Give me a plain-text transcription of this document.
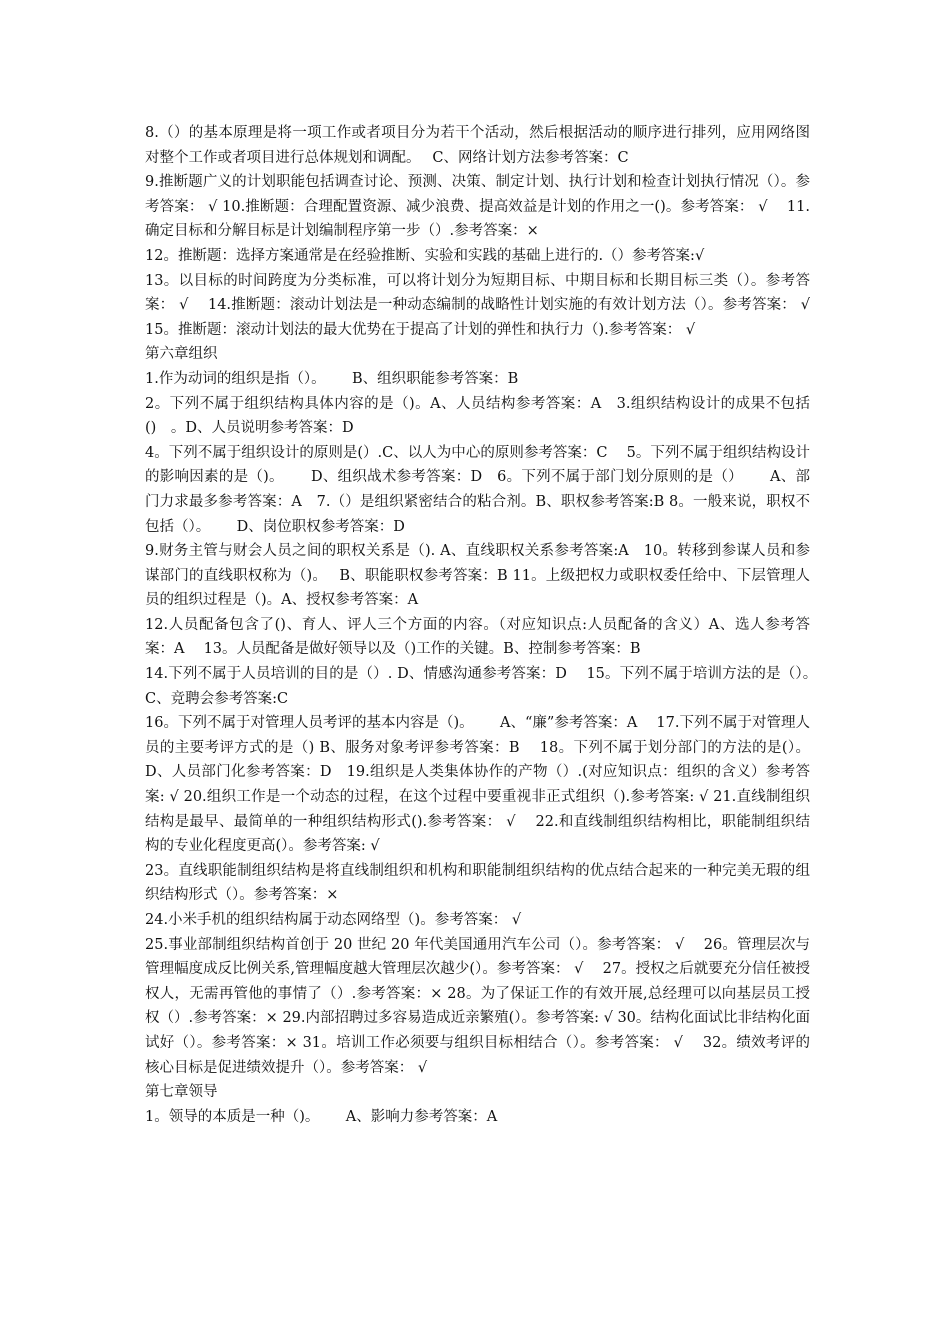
8.（）的基本原理是将一项工作或者项目分为若干个活动，然后根据活动的顺序进行排列，应用网络图对整个工作或者项目进行总体规划和调配。　 C、网络计划方法参考答案：C

9.推断题广义的计划职能包括调查讨论、预测、决策、制定计划、执行计划和检查计划执行情况（）。参考答案： √ 10.推断题：合理配置资源、减少浪费、提高效益是计划的作用之一()。参考答案： √　 11.确定目标和分解目标是计划编制程序第一步（）.参考答案：×

12。推断题：选择方案通常是在经验推断、实验和实践的基础上进行的.（）参考答案:√

13。以目标的时间跨度为分类标准，可以将计划分为短期目标、中期目标和长期目标三类（）。参考答案： √　 14.推断题：滚动计划法是一种动态编制的战略性计划实施的有效计划方法（）。参考答案： √　 15。推断题：滚动计划法的最大优势在于提高了计划的弹性和执行力（).参考答案： √

第六章组织

1.作为动词的组织是指（）。　　 B、组织职能参考答案：B

2。下列不属于组织结构具体内容的是（)。A、人员结构参考答案：A　3.组织结构设计的成果不包括()　。D、人员说明参考答案：D

4。下列不属于组织设计的原则是(）.C、以人为中心的原则参考答案：C　 5。下列不属于组织结构设计的影响因素的是（)。　　 D、组织战术参考答案：D　6。下列不属于部门划分原则的是（）　　 A、部门力求最多参考答案：A　7.（）是组织紧密结合的粘合剂。B、职权参考答案:B 8。一般来说，职权不包括（）。　　 D、岗位职权参考答案：D

9.财务主管与财会人员之间的职权关系是（). A、直线职权关系参考答案:A　10。转移到参谋人员和参谋部门的直线职权称为（)。　 B、职能职权参考答案：B 11。上级把权力或职权委任给中、下层管理人员的组织过程是（)。A、授权参考答案：A

12.人员配备包含了()、育人、评人三个方面的内容。（对应知识点:人员配备的含义）A、选人参考答案：A　 13。人员配备是做好领导以及（)工作的关键。B、控制参考答案：B

14.下列不属于人员培训的目的是（）. D、情感沟通参考答案：D　 15。下列不属于培训方法的是（）。　　C、竞聘会参考答案:C

16。下列不属于对管理人员考评的基本内容是（)。　　 A、“廉”参考答案：A　 17.下列不属于对管理人员的主要考评方式的是（) B、服务对象考评参考答案：B　 18。下列不属于划分部门的方法的是(）。D、人员部门化参考答案：D　19.组织是人类集体协作的产物（）.(对应知识点：组织的含义）参考答案: √ 20.组织工作是一个动态的过程，在这个过程中要重视非正式组织（).参考答案: √ 21.直线制组织结构是最早、最简单的一种组织结构形式().参考答案： √　 22.和直线制组织结构相比，职能制组织结构的专业化程度更高(）。参考答案: √

23。直线职能制组织结构是将直线制组织和机构和职能制组织结构的优点结合起来的一种完美无瑕的组织结构形式（）。参考答案：×

24.小米手机的组织结构属于动态网络型（)。参考答案： √

25.事业部制组织结构首创于 20 世纪 20 年代美国通用汽车公司（）。参考答案： √　 26。管理层次与管理幅度成反比例关系,管理幅度越大管理层次越少(）。参考答案： √　 27。授权之后就要充分信任被授权人，无需再管他的事情了（）.参考答案：× 28。为了保证工作的有效开展,总经理可以向基层员工授权（）.参考答案：× 29.内部招聘过多容易造成近亲繁殖(）。参考答案: √ 30。结构化面试比非结构化面试好（）。参考答案：× 31。培训工作必须要与组织目标相结合（）。参考答案： √　 32。绩效考评的核心目标是促进绩效提升（）。参考答案： √

第七章领导

1。领导的本质是一种（)。　　 A、影响力参考答案：A
